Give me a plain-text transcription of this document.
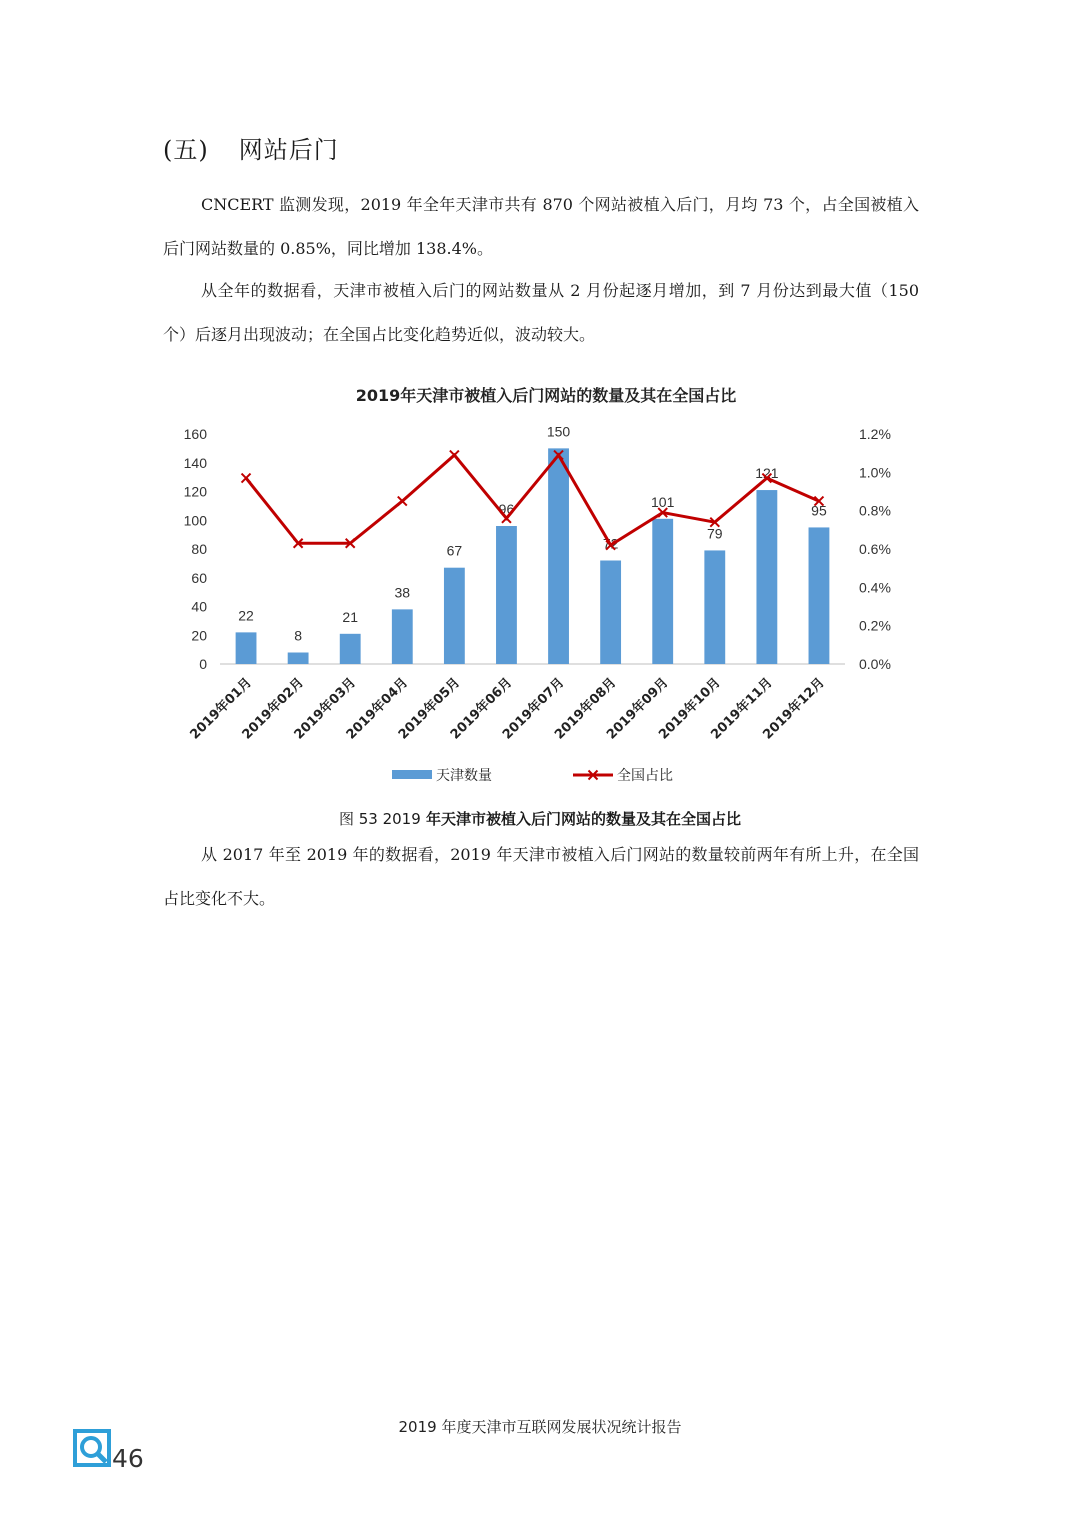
(五) 网站后门

CNCERT 监测发现，2019 年全年天津市共有 870 个网站被植入后门，月均 73 个，占全国被植入后门网站数量的 0.85%，同比增加 138.4%。

从全年的数据看，天津市被植入后门的网站数量从 2 月份起逐月增加，到 7 月份达到最大值（150 个）后逐月出现波动；在全国占比变化趋势近似，波动较大。

2019年天津市被植入后门网站的数量及其在全国占比
0
20
40
60
80
100
120
140
160
0.0%
0.2%
0.4%
0.6%
0.8%
1.0%
1.2%
22
8
21
38
67
96
150
72
101
79
121
95
2019年01月
2019年02月
2019年03月
2019年04月
2019年05月
2019年06月
2019年07月
2019年08月
2019年09月
2019年10月
2019年11月
2019年12月
天津数量	全国占比

图 53 2019 年天津市被植入后门网站的数量及其在全国占比

从 2017 年至 2019 年的数据看，2019 年天津市被植入后门网站的数量较前两年有所上升，在全国占比变化不大。

2019 年度天津市互联网发展状况统计报告
46
